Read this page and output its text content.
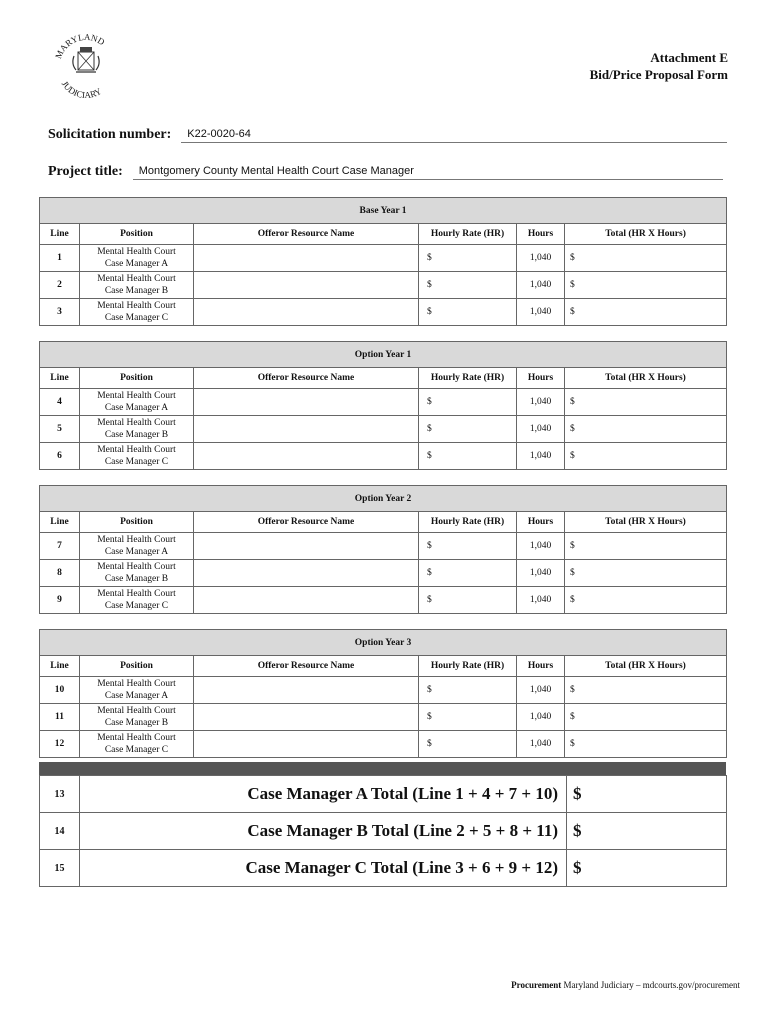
MARYLAND
JUDICIARY
Attachment E
Bid/Price Proposal Form
Solicitation number:	K22-0020-64
Project title:	Montgomery County Mental Health Court Case Manager
Base Year 1					
Line	Position	Offeror Resource Name	Hourly Rate (HR)	Hours	Total (HR X Hours)
1	Mental Health Court
Case Manager A		$	1,040	$
2	Mental Health Court
Case Manager B		$	1,040	$
3	Mental Health Court
Case Manager C		$	1,040	$
Option Year 1					
Line	Position	Offeror Resource Name	Hourly Rate (HR)	Hours	Total (HR X Hours)
4	Mental Health Court
Case Manager A		$	1,040	$
5	Mental Health Court
Case Manager B		$	1,040	$
6	Mental Health Court
Case Manager C		$	1,040	$
Option Year 2					
Line	Position	Offeror Resource Name	Hourly Rate (HR)	Hours	Total (HR X Hours)
7	Mental Health Court
Case Manager A		$	1,040	$
8	Mental Health Court
Case Manager B		$	1,040	$
9	Mental Health Court
Case Manager C		$	1,040	$
Option Year 3					
Line	Position	Offeror Resource Name	Hourly Rate (HR)	Hours	Total (HR X Hours)
10	Mental Health Court
Case Manager A		$	1,040	$
11	Mental Health Court
Case Manager B		$	1,040	$
12	Mental Health Court
Case Manager C		$	1,040	$
13	Case Manager A Total (Line 1 + 4 + 7 + 10)	$
14	Case Manager B Total (Line 2 + 5 + 8 + 11)	$
15	Case Manager C Total (Line 3 + 6 + 9 + 12)	$
Procurement Maryland Judiciary – mdcourts.gov/procurement
